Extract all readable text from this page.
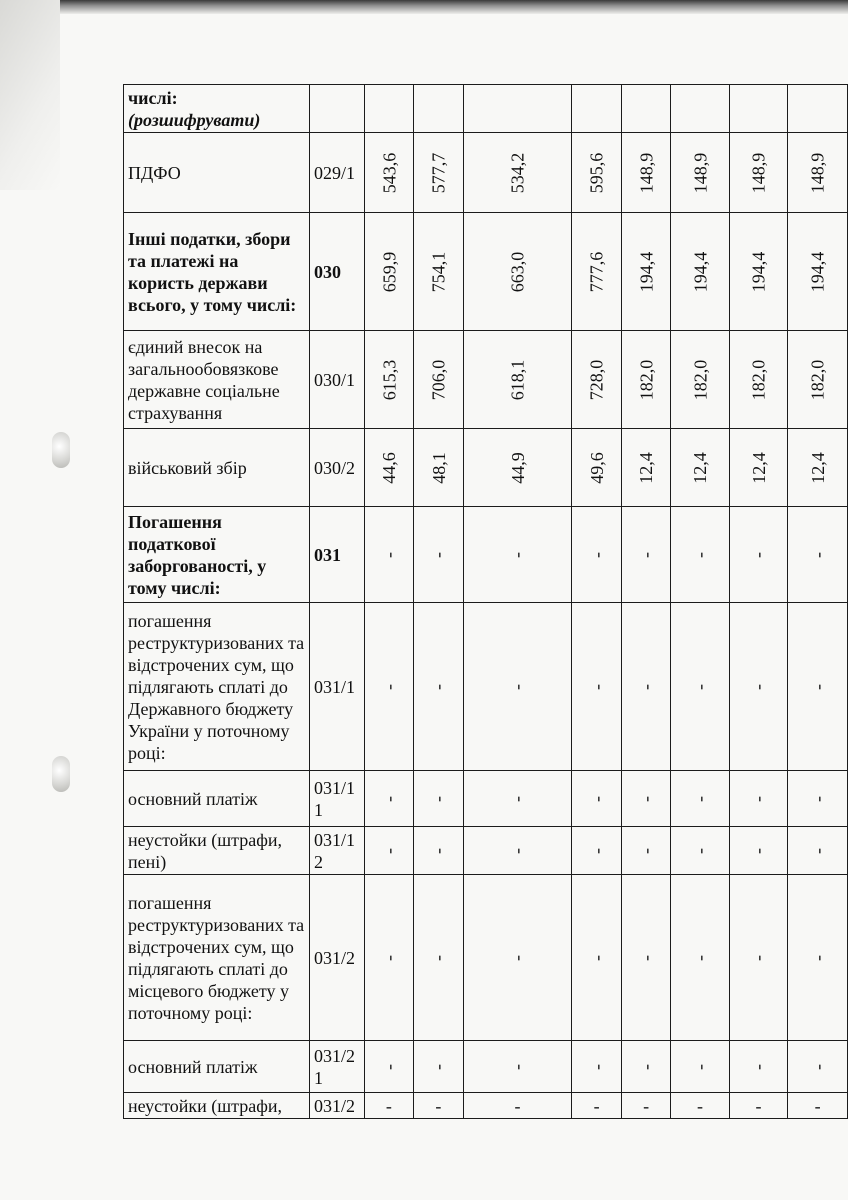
числі:
(розшифрувати)									
ПДФО	029/1	543,6	577,7	534,2	595,6	148,9	148,9	148,9	148,9
Інші податки, збори та платежі на користь держави всього, у тому числі:	030	659,9	754,1	663,0	777,6	194,4	194,4	194,4	194,4
єдиний внесок на загальнообовязкове державне соціальне страхування	030/1	615,3	706,0	618,1	728,0	182,0	182,0	182,0	182,0
військовий збір	030/2	44,6	48,1	44,9	49,6	12,4	12,4	12,4	12,4
Погашення податкової заборгованості, у тому числі:	031	-	-	-	-	-	-	-	-
погашення реструктуризованих та відстрочених сум, що підлягають сплаті до Державного бюджету України у поточному році:	031/1	-	-	-	-	-	-	-	-
основний платіж	031/1 1	-	-	-	-	-	-	-	-
неустойки (штрафи, пені)	031/1 2	-	-	-	-	-	-	-	-
погашення реструктуризованих та відстрочених сум, що підлягають сплаті до місцевого бюджету у поточному році:	031/2	-	-	-	-	-	-	-	-
основний платіж	031/2 1	-	-	-	-	-	-	-	-
неустойки (штрафи,	031/2	-	-	-	-	-	-	-	-
